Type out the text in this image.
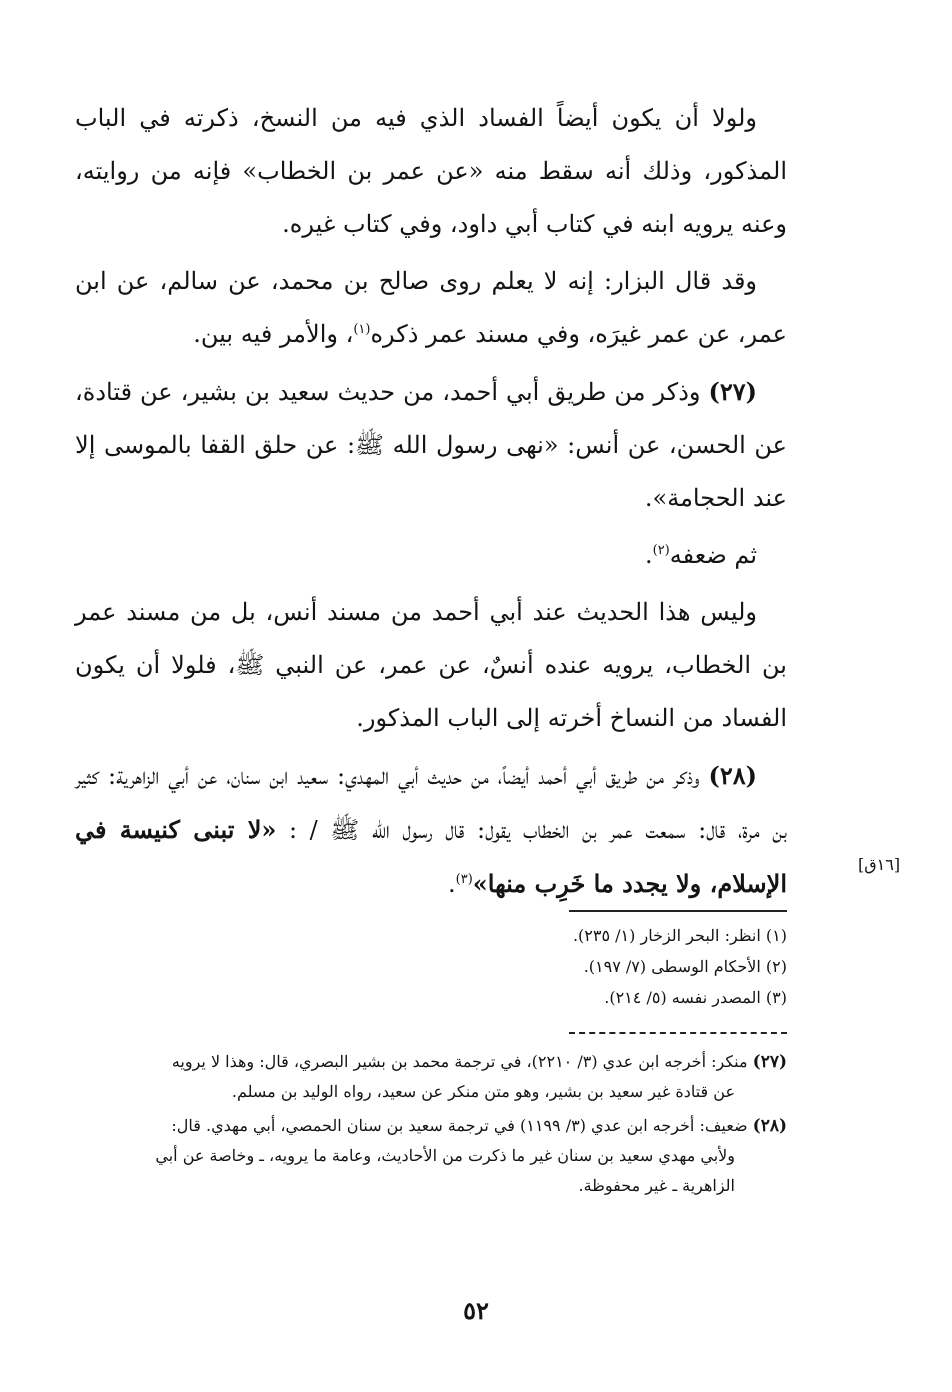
ولولا أن يكون أيضاً الفساد الذي فيه من النسخ، ذكرته في الباب المذكور، وذلك أنه سقط منه «عن عمر بن الخطاب» فإنه من روايته، وعنه يرويه ابنه في كتاب أبي داود، وفي كتاب غيره.

وقد قال البزار: إنه لا يعلم روى صالح بن محمد، عن سالم، عن ابن عمر، عن عمر غيرَه، وفي مسند عمر ذكره$^{(١)}$، والأمر فيه بين.

(٢٧) وذكر من طريق أبي أحمد، من حديث سعيد بن بشير، عن قتادة، عن الحسن، عن أنس: «نهى رسول الله ﷺ: عن حلق القفا بالموسى إلا عند الحجامة».

ثم ضعفه$^{(٢)}$.

وليس هذا الحديث عند أبي أحمد من مسند أنس، بل من مسند عمر بن الخطاب، يرويه عنده أنسٌ، عن عمر، عن النبي ﷺ، فلولا أن يكون الفساد من النساخ أخرته إلى الباب المذكور.

(٢٨) وذكر من طريق أبي أحمد أيضاً، من حديث أبي المهدي: سعيد ابن سنان، عن أبي الزاهرية: كثير بن مرة، قال: سمعت عمر بن الخطاب يقول: قال رسول الله ﷺ / : «لا تبنى كنيسة في الإسلام، ولا يجدد ما خَرِب منها»$^{(٣)}$.

[١٦ق]
(١) انظر: البحر الزخار (١/ ٢٣٥).
(٢) الأحكام الوسطى (٧/ ١٩٧).
(٣) المصدر نفسه (٥/ ٢١٤).
(٢٧) منكر: أخرجه ابن عدي (٣/ ٢٢١٠)، في ترجمة محمد بن بشير البصري، قال: وهذا لا يرويه
عن قتادة غير سعيد بن بشير، وهو متن منكر عن سعيد، رواه الوليد بن مسلم.
(٢٨) ضعيف: أخرجه ابن عدي (٣/ ١١٩٩) في ترجمة سعيد بن سنان الحمصي، أبي مهدي. قال:
ولأبي مهدي سعيد بن سنان غير ما ذكرت من الأحاديث، وعامة ما يرويه، ـ وخاصة عن أبي
الزاهرية ـ غير محفوظة.
٥٢
